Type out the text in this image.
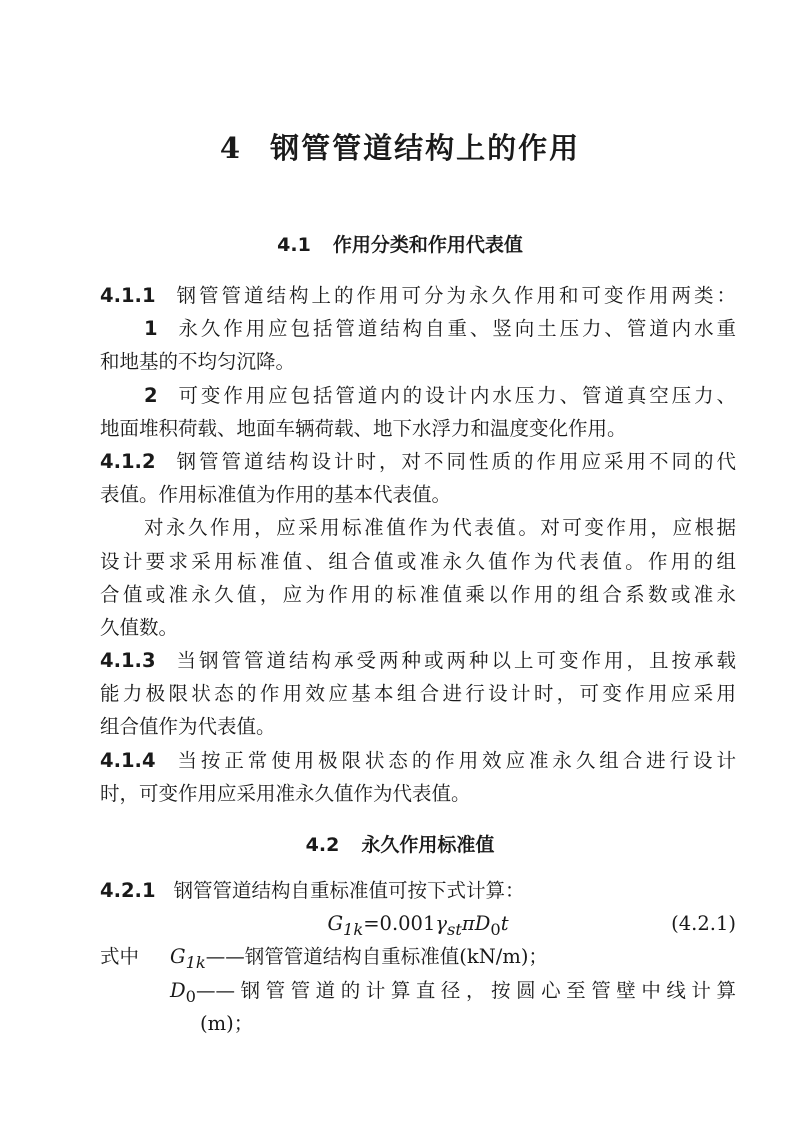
4 钢管管道结构上的作用
4.1 作用分类和作用代表值
4.1.1 钢管管道结构上的作用可分为永久作用和可变作用两类：
1 永久作用应包括管道结构自重、竖向土压力、管道内水重
和地基的不均匀沉降。
2 可变作用应包括管道内的设计内水压力、管道真空压力、
地面堆积荷载、地面车辆荷载、地下水浮力和温度变化作用。
4.1.2 钢管管道结构设计时，对不同性质的作用应采用不同的代
表值。作用标准值为作用的基本代表值。
对永久作用，应采用标准值作为代表值。对可变作用，应根据
设计要求采用标准值、组合值或准永久值作为代表值。作用的组
合值或准永久值，应为作用的标准值乘以作用的组合系数或准永
久值数。
4.1.3 当钢管管道结构承受两种或两种以上可变作用，且按承载
能力极限状态的作用效应基本组合进行设计时，可变作用应采用
组合值作为代表值。
4.1.4 当按正常使用极限状态的作用效应准永久组合进行设计
时，可变作用应采用准永久值作为代表值。
4.2 永久作用标准值
4.2.1 钢管管道结构自重标准值可按下式计算：
$G_{1k}=0.001\gamma_{st}\pi D_0t$	(4.2.1)
式中 $G_{1k}——$钢管管道结构自重标准值(kN/m)；
$D_0——$钢管管道的计算直径，按圆心至管壁中线计算
(m)；
